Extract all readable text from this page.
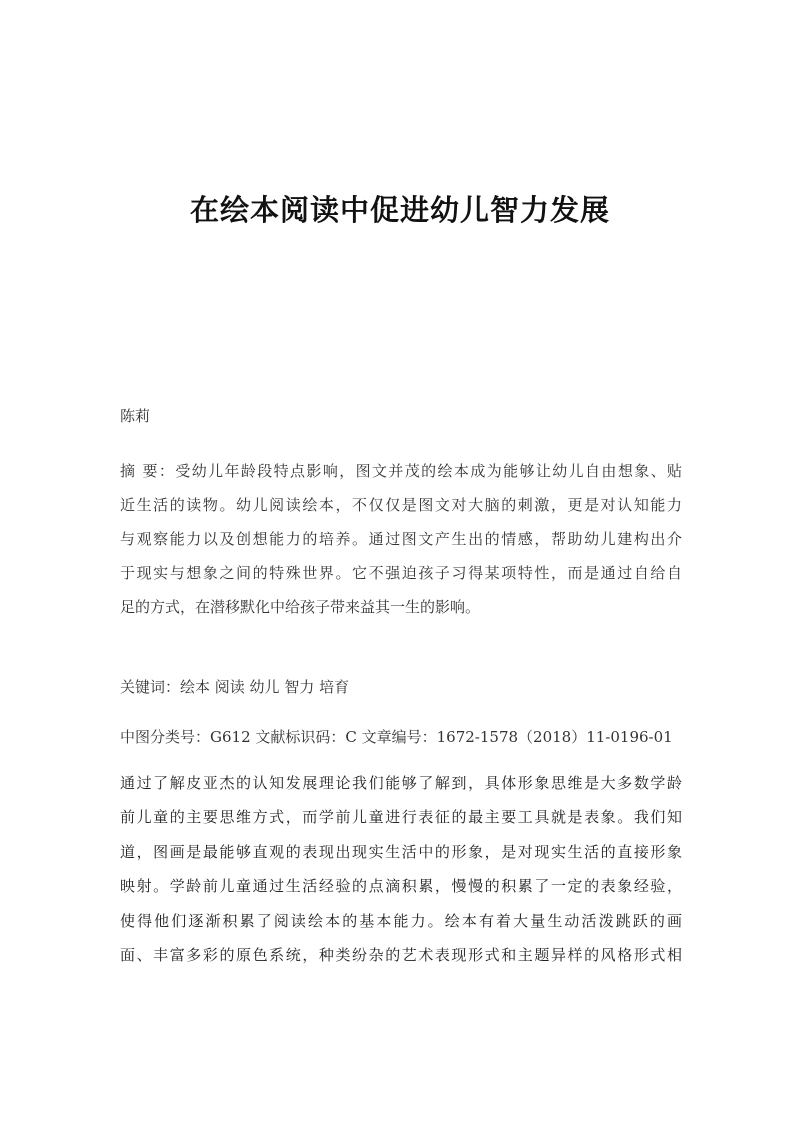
在绘本阅读中促进幼儿智力发展
陈莉
摘 要：受幼儿年龄段特点影响，图文并茂的绘本成为能够让幼儿自由想象、贴
近生活的读物。幼儿阅读绘本，不仅仅是图文对大脑的刺激，更是对认知能力
与观察能力以及创想能力的培养。通过图文产生出的情感，帮助幼儿建构出介
于现实与想象之间的特殊世界。它不强迫孩子习得某项特性，而是通过自给自
足的方式，在潜移默化中给孩子带来益其一生的影响。
关键词：绘本 阅读 幼儿 智力 培育
中图分类号：G612 文献标识码：C 文章编号：1672-1578（2018）11-0196-01
通过了解皮亚杰的认知发展理论我们能够了解到，具体形象思维是大多数学龄
前儿童的主要思维方式，而学前儿童进行表征的最主要工具就是表象。我们知
道，图画是最能够直观的表现出现实生活中的形象，是对现实生活的直接形象
映射。学龄前儿童通过生活经验的点滴积累，慢慢的积累了一定的表象经验，
使得他们逐渐积累了阅读绘本的基本能力。绘本有着大量生动活泼跳跃的画
面、丰富多彩的原色系统，种类纷杂的艺术表现形式和主题异样的风格形式相
